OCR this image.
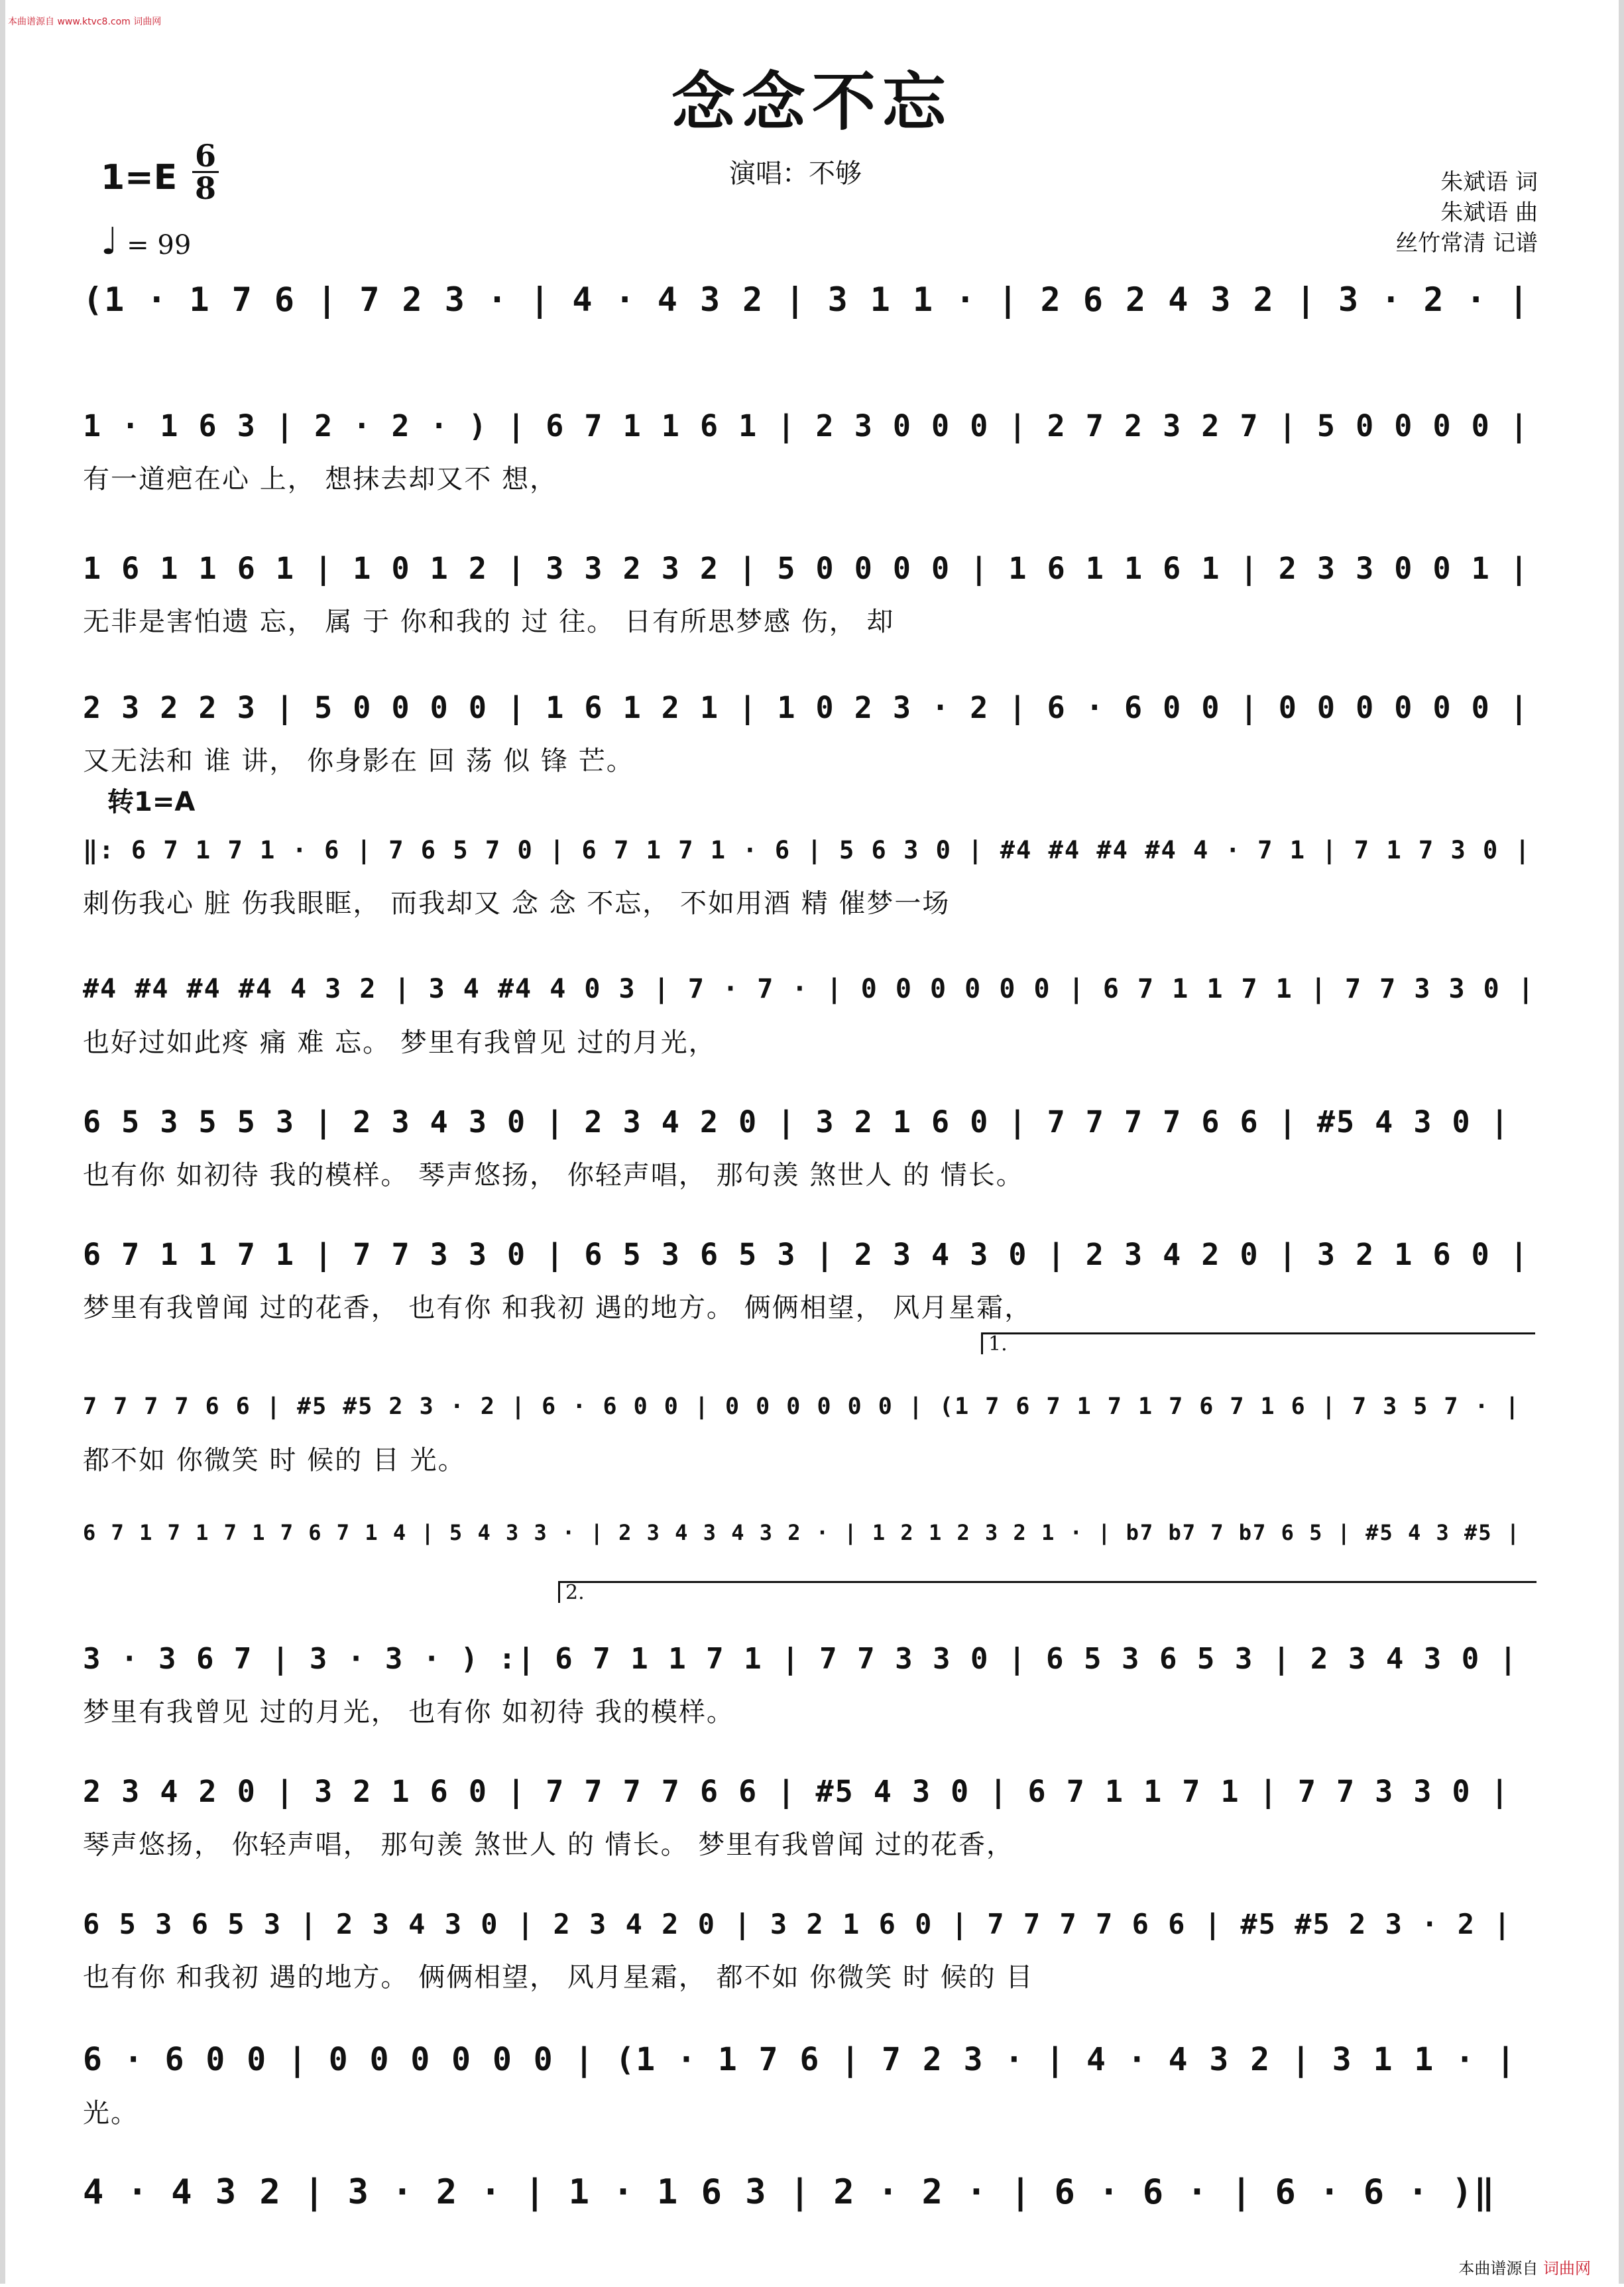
本曲谱源自 www.ktvc8.com 词曲网
念念不忘
演唱：不够
1=E
6
8
♩ = 99
朱斌语 词
朱斌语 曲
丝竹常清 记谱
转1=A
1.
2.
(1 · 1 7 6 | 7 2 3 · | 4 · 4 3 2 | 3 1 1 · | 2 6 2 4 3 2 | 3 · 2 · |
1 · 1 6 3 | 2 · 2 · ) | 6 7 1 1 6 1 | 2 3 0 0 0 | 2 7 2 3 2 7 | 5 0 0 0 0 |
有一道疤在心 上， 想抹去却又不 想，
1 6 1 1 6 1 | 1 0 1 2 | 3 3 2 3 2 | 5 0 0 0 0 | 1 6 1 1 6 1 | 2 3 3 0 0 1 |
无非是害怕遗 忘， 属 于 你和我的 过 往。 日有所思梦感 伤， 却
2 3 2 2 3 | 5 0 0 0 0 | 1 6 1 2 1 | 1 0 2 3 · 2 | 6 · 6 0 0 | 0 0 0 0 0 0 |
又无法和 谁 讲， 你身影在 回 荡 似 锋 芒。
‖: 6 7 1 7 1 · 6 | 7 6 5 7 0 | 6 7 1 7 1 · 6 | 5 6 3 0 | #4 #4 #4 #4 4 · 7 1 | 7 1 7 3 0 |
刺伤我心 脏 伤我眼眶， 而我却又 念 念 不忘， 不如用酒 精 催梦一场
#4 #4 #4 #4 4 3 2 | 3 4 #4 4 0 3 | 7 · 7 · | 0 0 0 0 0 0 | 6 7 1 1 7 1 | 7 7 3 3 0 |
也好过如此疼 痛 难 忘。 梦里有我曾见 过的月光，
6 5 3 5 5 3 | 2 3 4 3 0 | 2 3 4 2 0 | 3 2 1 6 0 | 7 7 7 7 6 6 | #5 4 3 0 |
也有你 如初待 我的模样。 琴声悠扬， 你轻声唱， 那句羡 煞世人 的 情长。
6 7 1 1 7 1 | 7 7 3 3 0 | 6 5 3 6 5 3 | 2 3 4 3 0 | 2 3 4 2 0 | 3 2 1 6 0 |
梦里有我曾闻 过的花香， 也有你 和我初 遇的地方。 俩俩相望， 风月星霜，
7 7 7 7 6 6 | #5 #5 2 3 · 2 | 6 · 6 0 0 | 0 0 0 0 0 0 | (1 7 6 7 1 7 1 7 6 7 1 6 | 7 3 5 7 · |
都不如 你微笑 时 候的 目 光。
6 7 1 7 1 7 1 7 6 7 1 4 | 5 4 3 3 · | 2 3 4 3 4 3 2 · | 1 2 1 2 3 2 1 · | b7 b7 7 b7 6 5 | #5 4 3 #5 |
3 · 3 6 7 | 3 · 3 · ) :| 6 7 1 1 7 1 | 7 7 3 3 0 | 6 5 3 6 5 3 | 2 3 4 3 0 |
梦里有我曾见 过的月光， 也有你 如初待 我的模样。
2 3 4 2 0 | 3 2 1 6 0 | 7 7 7 7 6 6 | #5 4 3 0 | 6 7 1 1 7 1 | 7 7 3 3 0 |
琴声悠扬， 你轻声唱， 那句羡 煞世人 的 情长。 梦里有我曾闻 过的花香，
6 5 3 6 5 3 | 2 3 4 3 0 | 2 3 4 2 0 | 3 2 1 6 0 | 7 7 7 7 6 6 | #5 #5 2 3 · 2 |
也有你 和我初 遇的地方。 俩俩相望， 风月星霜， 都不如 你微笑 时 候的 目
6 · 6 0 0 | 0 0 0 0 0 0 | (1 · 1 7 6 | 7 2 3 · | 4 · 4 3 2 | 3 1 1 · |
光。
4 · 4 3 2 | 3 · 2 · | 1 · 1 6 3 | 2 · 2 · | 6 · 6 · | 6 · 6 · )‖
本曲谱源自 词曲网
